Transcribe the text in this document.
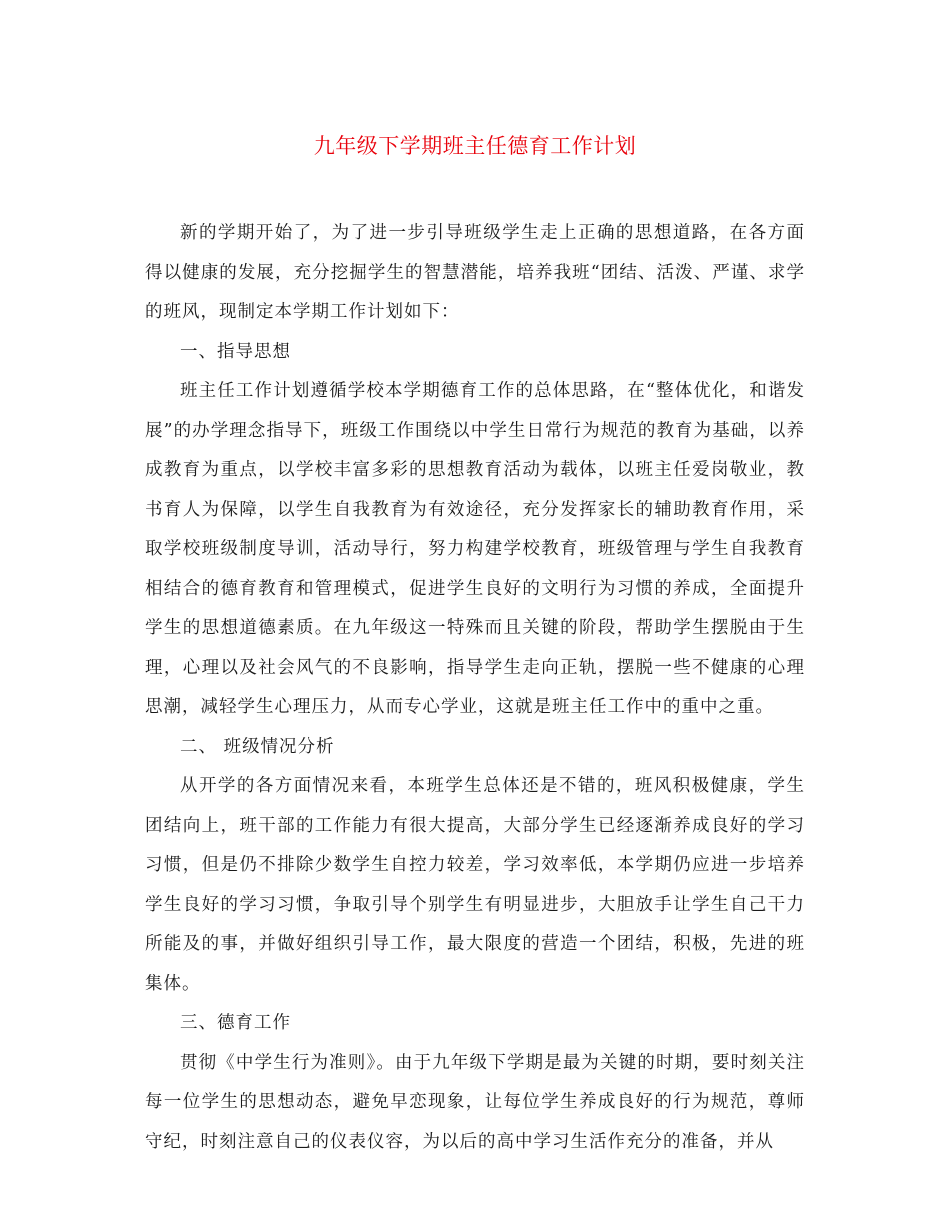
九年级下学期班主任德育工作计划

新的学期开始了，为了进一步引导班级学生走上正确的思想道路，在各方面得以健康的发展，充分挖掘学生的智慧潜能，培养我班“团结、活泼、严谨、求学的班风，现制定本学期工作计划如下：

一、指导思想

班主任工作计划遵循学校本学期德育工作的总体思路，在“整体优化，和谐发展”的办学理念指导下，班级工作围绕以中学生日常行为规范的教育为基础，以养成教育为重点，以学校丰富多彩的思想教育活动为载体，以班主任爱岗敬业，教书育人为保障，以学生自我教育为有效途径，充分发挥家长的辅助教育作用，采取学校班级制度导训，活动导行，努力构建学校教育，班级管理与学生自我教育相结合的德育教育和管理模式，促进学生良好的文明行为习惯的养成，全面提升学生的思想道德素质。在九年级这一特殊而且关键的阶段，帮助学生摆脱由于生理，心理以及社会风气的不良影响，指导学生走向正轨，摆脱一些不健康的心理思潮，减轻学生心理压力，从而专心学业，这就是班主任工作中的重中之重。

二、 班级情况分析

从开学的各方面情况来看，本班学生总体还是不错的，班风积极健康，学生团结向上，班干部的工作能力有很大提高，大部分学生已经逐渐养成良好的学习习惯，但是仍不排除少数学生自控力较差，学习效率低，本学期仍应进一步培养学生良好的学习习惯，争取引导个别学生有明显进步，大胆放手让学生自己干力所能及的事，并做好组织引导工作，最大限度的营造一个团结，积极，先进的班集体。

三、德育工作

贯彻《中学生行为准则》。由于九年级下学期是最为关键的时期，要时刻关注每一位学生的思想动态，避免早恋现象，让每位学生养成良好的行为规范，尊师守纪，时刻注意自己的仪表仪容，为以后的高中学习生活作充分的准备，并从
